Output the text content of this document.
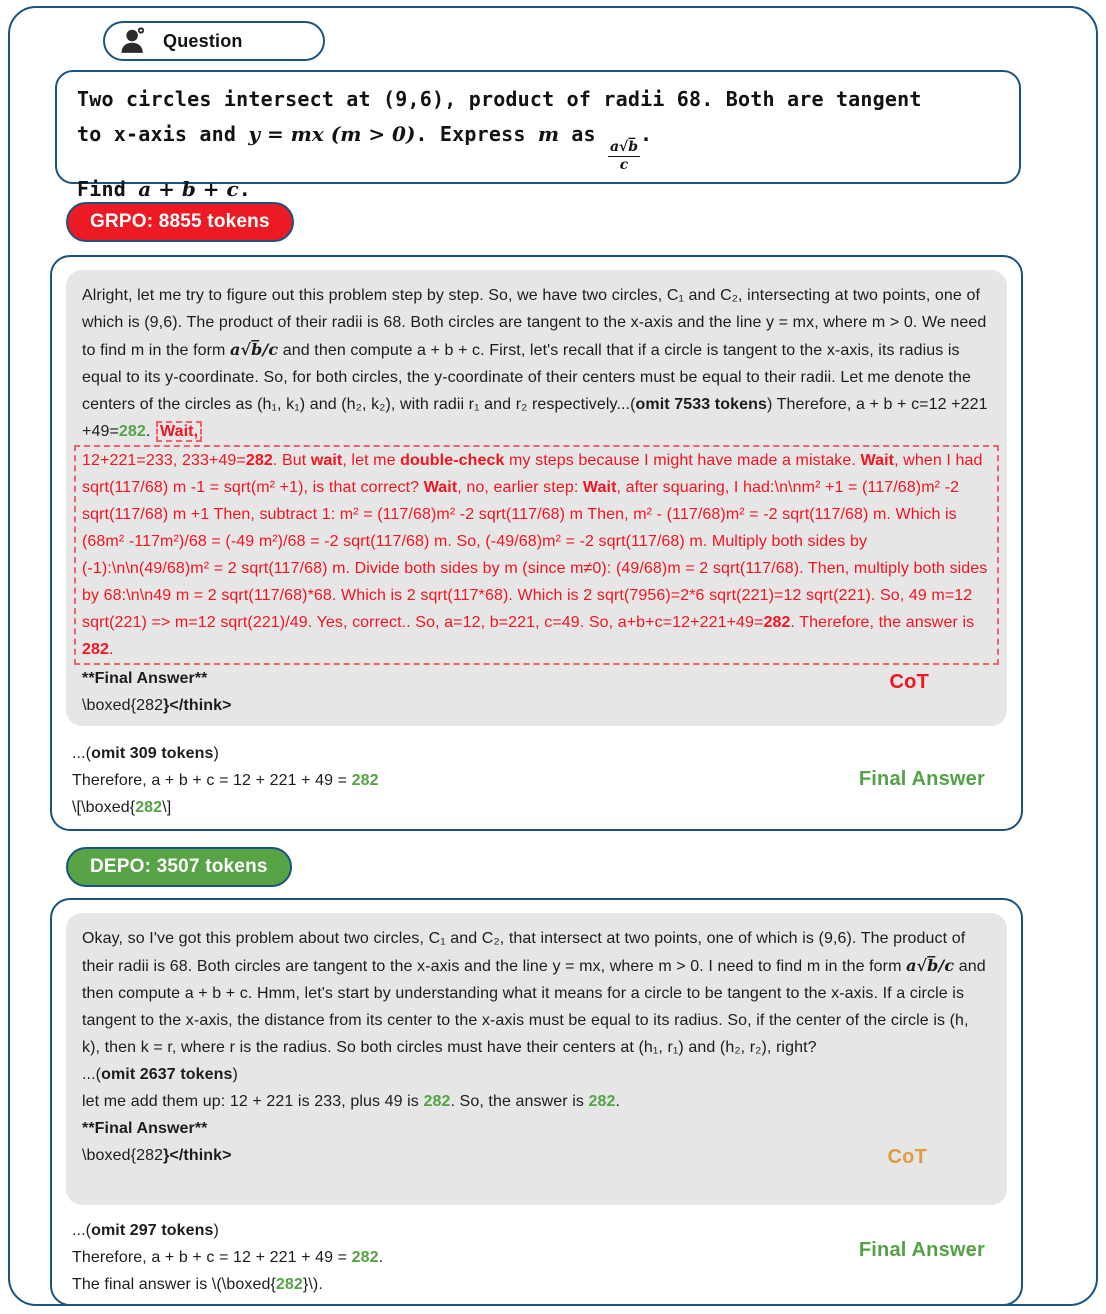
Question
Two circles intersect at (9,6), product of radii 68. Both are tangent
to x-axis and y = mx (m > 0). Express m as
$\frac{a√b̅}{c}$
.
Find a + b + c.
GRPO: 8855 tokens
Alright, let me try to figure out this problem step by step. So, we have two circles, C₁ and C₂, intersecting at two points, one of which is (9,6). The product of their radii is 68. Both circles are tangent to the x-axis and the line y = mx, where m > 0. We need to find m in the form a√b̅/c and then compute a + b + c. First, let's recall that if a circle is tangent to the x-axis, its radius is equal to its y-coordinate. So, for both circles, the y-coordinate of their centers must be equal to their radii. Let me denote the centers of the circles as (h₁, k₁) and (h₂, k₂), with radii r₁ and r₂ respectively...(omit 7533 tokens) Therefore, a + b + c=12 +221 +49=282. Wait,
12+221=233, 233+49=282. But wait, let me double-check my steps because I might have made a mistake. Wait, when I had sqrt(117/68) m -1 = sqrt(m² +1), is that correct? Wait, no, earlier step: Wait, after squaring, I had:\n\nm² +1 = (117/68)m² -2 sqrt(117/68) m +1 Then, subtract 1: m² = (117/68)m² -2 sqrt(117/68) m Then, m² - (117/68)m² = -2 sqrt(117/68) m. Which is (68m² -117m²)/68 = (-49 m²)/68 = -2 sqrt(117/68) m. So, (-49/68)m² = -2 sqrt(117/68) m. Multiply both sides by (-1):\n\n(49/68)m² = 2 sqrt(117/68) m. Divide both sides by m (since m≠0): (49/68)m = 2 sqrt(117/68). Then, multiply both sides by 68:\n\n49 m = 2 sqrt(117/68)*68. Which is 2 sqrt(117*68). Which is 2 sqrt(7956)=2*6 sqrt(221)=12 sqrt(221). So, 49 m=12 sqrt(221) => m=12 sqrt(221)/49. Yes, correct.. So, a=12, b=221, c=49. So, a+b+c=12+221+49=282. Therefore, the answer is 282.
**Final Answer**
\boxed{282}</think>
CoT
...(omit 309 tokens)
Therefore, a + b + c = 12 + 221 + 49 = 282
\[\boxed{282\]
Final Answer
DEPO: 3507 tokens
Okay, so I've got this problem about two circles, C₁ and C₂, that intersect at two points, one of which is (9,6). The product of their radii is 68. Both circles are tangent to the x-axis and the line y = mx, where m > 0. I need to find m in the form a√b̅/c and then compute a + b + c. Hmm, let's start by understanding what it means for a circle to be tangent to the x-axis. If a circle is tangent to the x-axis, the distance from its center to the x-axis must be equal to its radius. So, if the center of the circle is (h, k), then k = r, where r is the radius. So both circles must have their centers at (h₁, r₁) and (h₂, r₂), right?
...(omit 2637 tokens)
let me add them up: 12 + 221 is 233, plus 49 is 282. So, the answer is 282.
**Final Answer**
\boxed{282}</think>	CoT
...(omit 297 tokens)
Therefore, a + b + c = 12 + 221 + 49 = 282.
The final answer is \(\boxed{282}\).
Final Answer
